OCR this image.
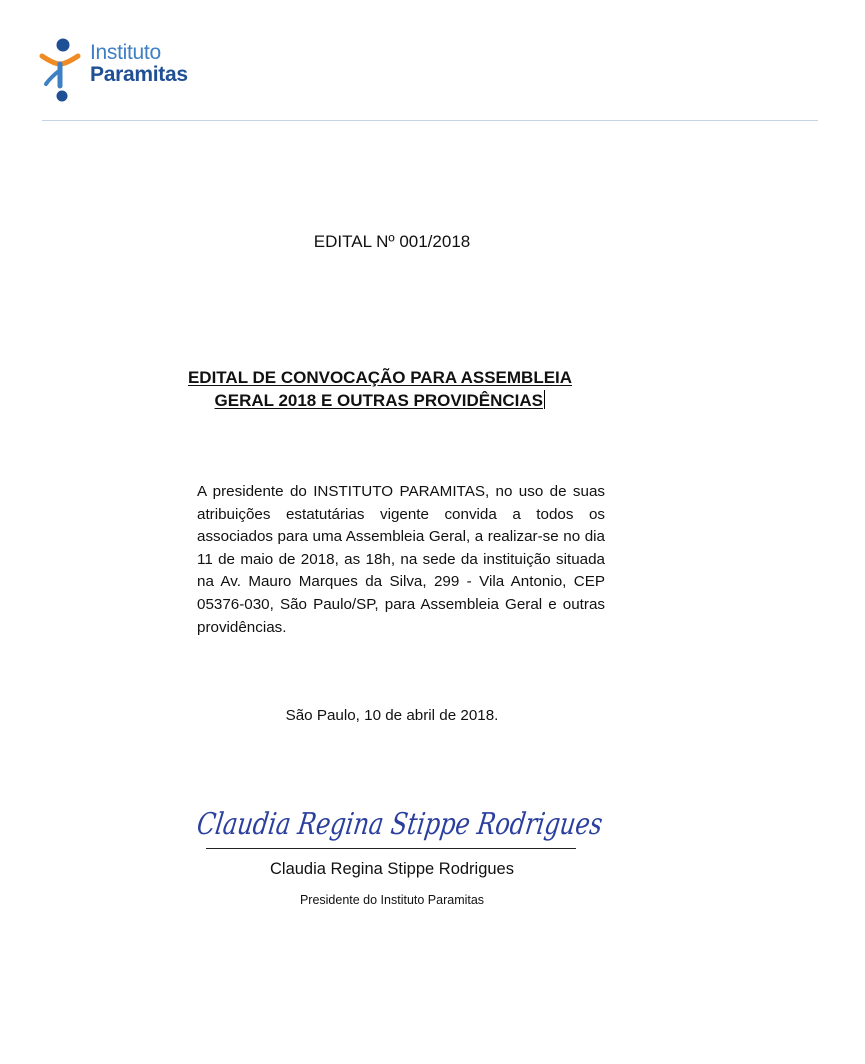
Instituto
Paramitas
EDITAL Nº 001/2018
EDITAL DE CONVOCAÇÃO PARA ASSEMBLEIA
GERAL 2018 E OUTRAS PROVIDÊNCIAS
A presidente do INSTITUTO PARAMITAS, no uso de suas atribuições estatutárias vigente convida a todos os associados para uma Assembleia Geral, a realizar-se no dia 11 de maio de 2018, as 18h, na sede da instituição situada na Av. Mauro Marques da Silva, 299 - Vila Antonio, CEP 05376-030, São Paulo/SP, para Assembleia Geral e outras providências.
São Paulo, 10 de abril de 2018.
Claudia Regina Stippe Rodrigues
Claudia Regina Stippe Rodrigues
Presidente do Instituto Paramitas
